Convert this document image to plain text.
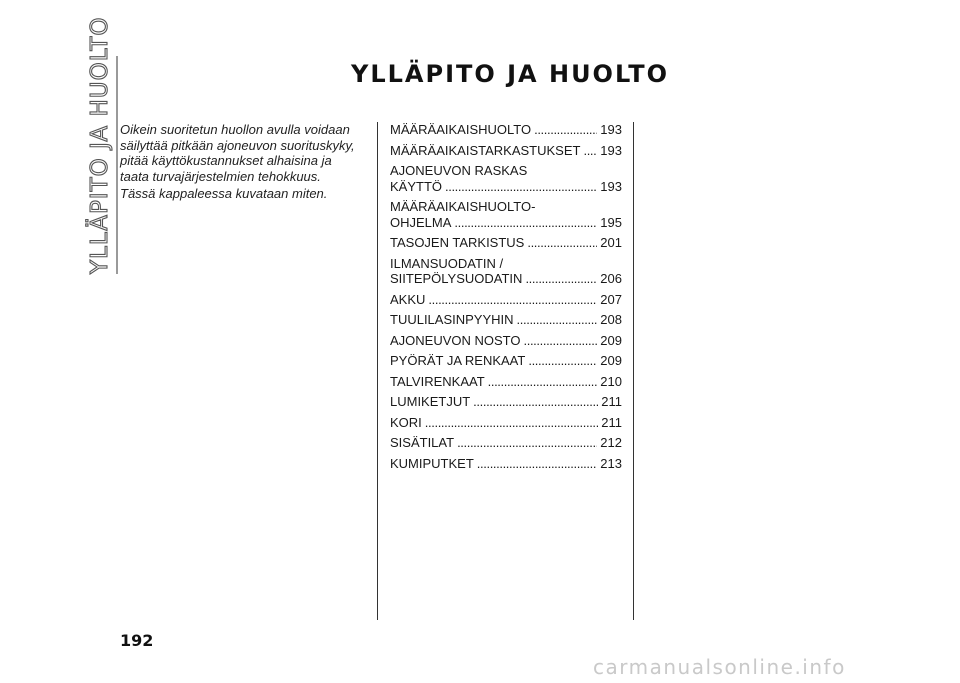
YLLÄPITO JA HUOLTO	YLLÄPITO JA HUOLTO

Oikein suoritetun huollon avulla voidaan säilyttää pitkään ajoneuvon suorituskyky, pitää käyttökustannukset alhaisina ja taata turvajärjestelmien tehokkuus.

Tässä kappaleessa kuvataan miten.

MÄÄRÄAIKAISHUOLTO . . .	193
MÄÄRÄAIKAISTARKASTUKSET . . . 193
AJONEUVON RASKAS
KÄYTTÖ . . .	193
MÄÄRÄAIKAISHUOLTO-
OHJELMA . . .	195
TASOJEN TARKISTUS . . .	201
ILMANSUODATIN /
SIITEPÖLYSUODATIN . . .	206
AKKU . . .	207
TUULILASINPYYHIN . . .	208
AJONEUVON NOSTO . . .	209
PYÖRÄT JA RENKAAT . . .	209
TALVIRENKAAT . . .	210
LUMIKETJUT . . .	211
KORI . . .	211
SISÄTILAT . . .	212
KUMIPUTKET . . .	213
192
carmanualsonline.info
